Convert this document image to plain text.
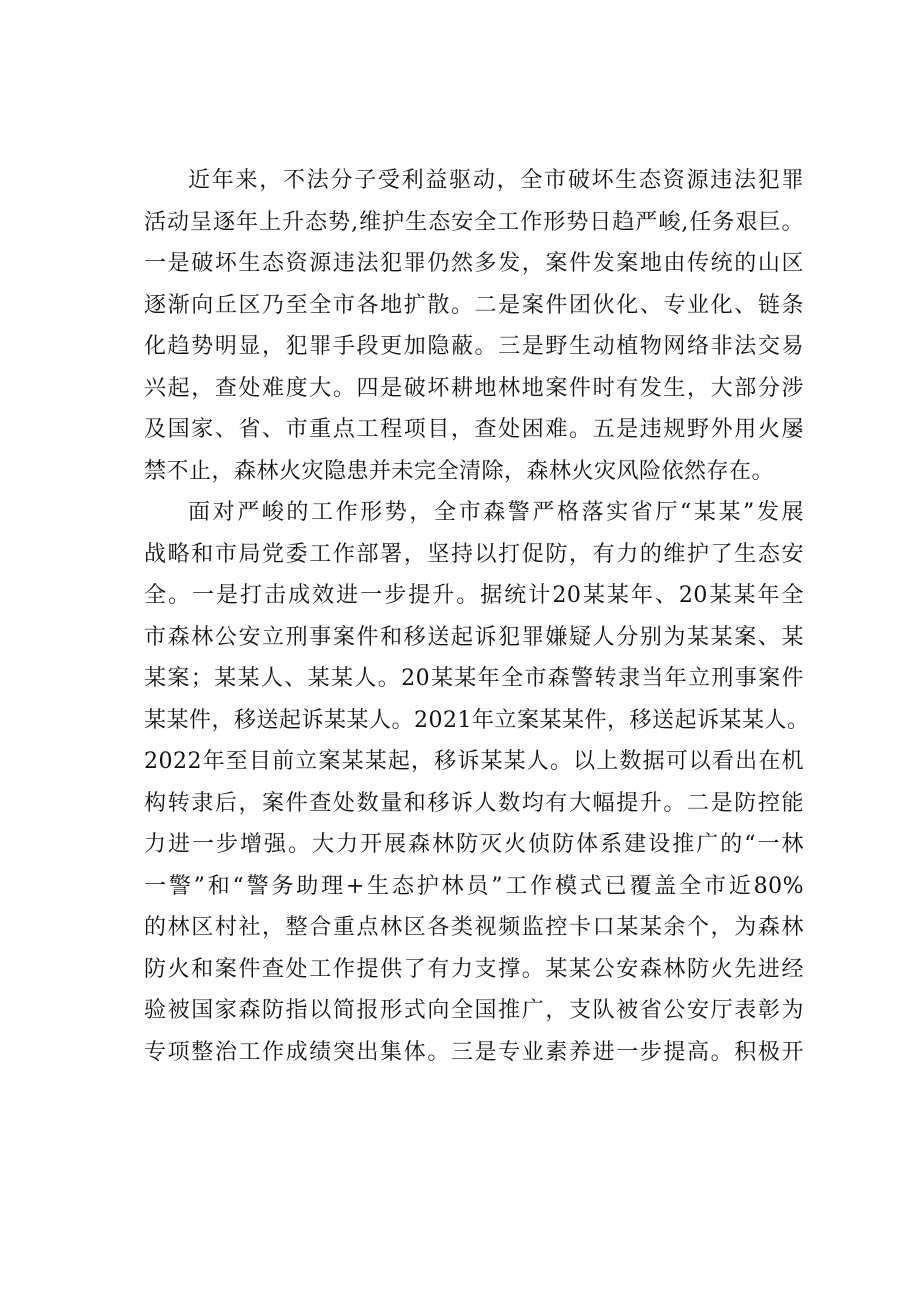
近年来，不法分子受利益驱动，全市破坏生态资源违法犯罪
活动呈逐年上升态势,维护生态安全工作形势日趋严峻,任务艰巨。
一是破坏生态资源违法犯罪仍然多发，案件发案地由传统的山区
逐渐向丘区乃至全市各地扩散。二是案件团伙化、专业化、链条
化趋势明显，犯罪手段更加隐蔽。三是野生动植物网络非法交易
兴起，查处难度大。四是破坏耕地林地案件时有发生，大部分涉
及国家、省、市重点工程项目，查处困难。五是违规野外用火屡
禁不止，森林火灾隐患并未完全清除，森林火灾风险依然存在。
面对严峻的工作形势，全市森警严格落实省厅“某某”发展
战略和市局党委工作部署，坚持以打促防，有力的维护了生态安
全。一是打击成效进一步提升。据统计20某某年、20某某年全
市森林公安立刑事案件和移送起诉犯罪嫌疑人分别为某某案、某
某案；某某人、某某人。20某某年全市森警转隶当年立刑事案件
某某件，移送起诉某某人。2021年立案某某件，移送起诉某某人。
2022年至目前立案某某起，移诉某某人。以上数据可以看出在机
构转隶后，案件查处数量和移诉人数均有大幅提升。二是防控能
力进一步增强。大力开展森林防灭火侦防体系建设推广的“一林
一警”和“警务助理+生态护林员”工作模式已覆盖全市近80%
的林区村社，整合重点林区各类视频监控卡口某某余个，为森林
防火和案件查处工作提供了有力支撑。某某公安森林防火先进经
验被国家森防指以简报形式向全国推广，支队被省公安厅表彰为
专项整治工作成绩突出集体。三是专业素养进一步提高。积极开
